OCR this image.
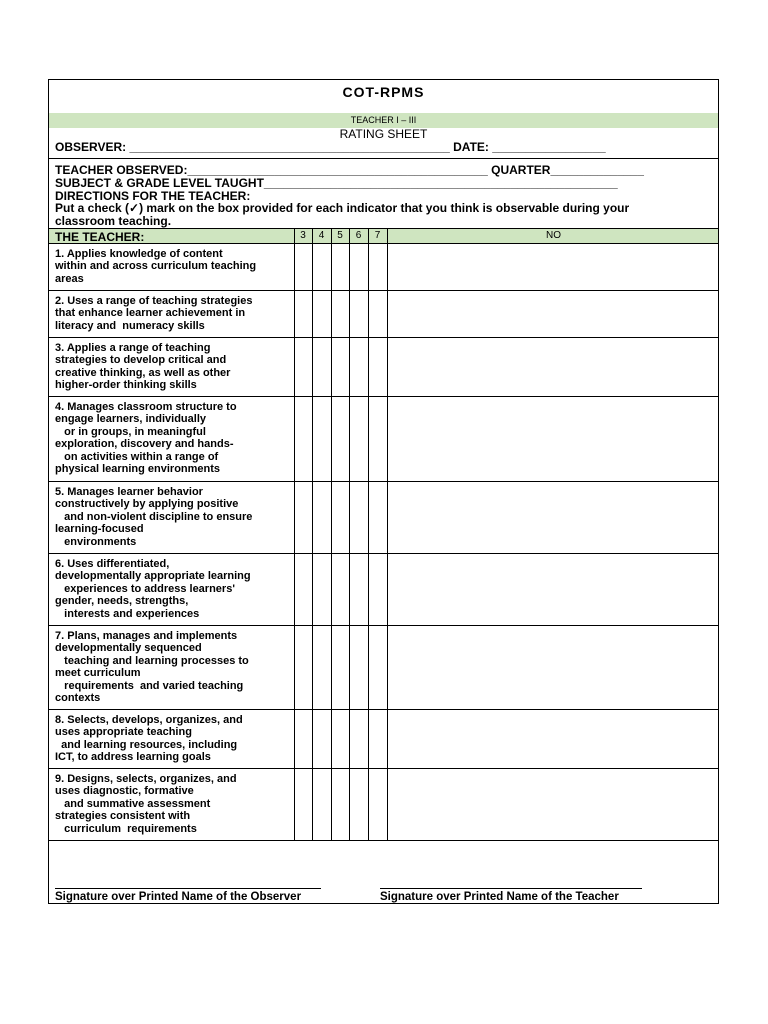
COT-RPMS
TEACHER I – III
RATING SHEET
OBSERVER: ________________________________________________ DATE: _________________
TEACHER OBSERVED:_____________________________________________ QUARTER______________
SUBJECT & GRADE LEVEL TAUGHT_____________________________________________________
DIRECTIONS FOR THE TEACHER:
Put a check (✓) mark on the box provided for each indicator that you think is observable during your
classroom teaching.
THE TEACHER:	3	4	5	6	7	NO
1. Applies knowledge of content
within and across curriculum teaching
areas
2. Uses a range of teaching strategies
that enhance learner achievement in
literacy and  numeracy skills
3. Applies a range of teaching
strategies to develop critical and
creative thinking, as well as other
higher-order thinking skills
4. Manages classroom structure to
engage learners, individually
or in groups, in meaningful
exploration, discovery and hands-
on activities within a range of
physical learning environments
5. Manages learner behavior
constructively by applying positive
and non-violent discipline to ensure
learning-focused
environments
6. Uses differentiated,
developmentally appropriate learning
experiences to address learners'
gender, needs, strengths,
interests and experiences
7. Plans, manages and implements
developmentally sequenced
teaching and learning processes to
meet curriculum
requirements  and varied teaching
contexts
8. Selects, develops, organizes, and
uses appropriate teaching
and learning resources, including
ICT, to address learning goals
9. Designs, selects, organizes, and
uses diagnostic, formative
and summative assessment
strategies consistent with
curriculum  requirements
Signature over Printed Name of the Observer	Signature over Printed Name of the Teacher
